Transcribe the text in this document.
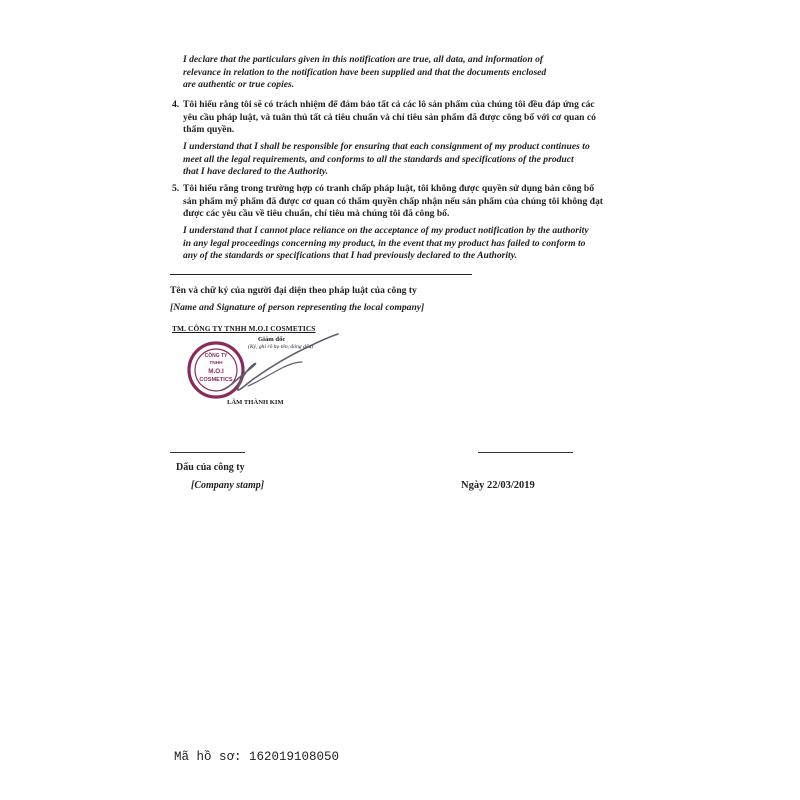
I declare that the particulars given in this notification are true, all data, and information of
relevance in relation to the notification have been supplied and that the documents enclosed
are authentic or true copies.
4. Tôi hiểu rằng tôi sẽ có trách nhiệm để đảm bảo tất cả các lô sản phẩm của chúng tôi đều đáp ứng các
yêu cầu pháp luật, và tuân thủ tất cả tiêu chuẩn và chỉ tiêu sản phẩm đã được công bố với cơ quan có
thẩm quyền.
I understand that I shall be responsible for ensuring that each consignment of my product continues to
meet all the legal requirements, and conforms to all the standards and specifications of the product
that I have declared to the Authority.
5. Tôi hiểu rằng trong trường hợp có tranh chấp pháp luật, tôi không được quyền sử dụng bản công bố
sản phẩm mỹ phẩm đã được cơ quan có thẩm quyền chấp nhận nếu sản phẩm của chúng tôi không đạt
được các yêu cầu về tiêu chuẩn, chỉ tiêu mà chúng tôi đã công bố.
I understand that I cannot place reliance on the acceptance of my product notification by the authority
in any legal proceedings concerning my product, in the event that my product has failed to conform to
any of the standards or specifications that I had previously declared to the Authority.
Tên và chữ ký của người đại diện theo pháp luật của công ty
[Name and Signature of person representing the local company]
TM. CÔNG TY TNHH M.O.I COSMETICS
Giám đốc
(Ký, ghi rõ họ tên, đóng dấu)
CÔNG TY
TNHH
M.O.I
COSMETICS
LÂM THÀNH KIM
Dấu của công ty
[Company stamp]	Ngày 22/03/2019
Mã hồ sơ: 162019108050
